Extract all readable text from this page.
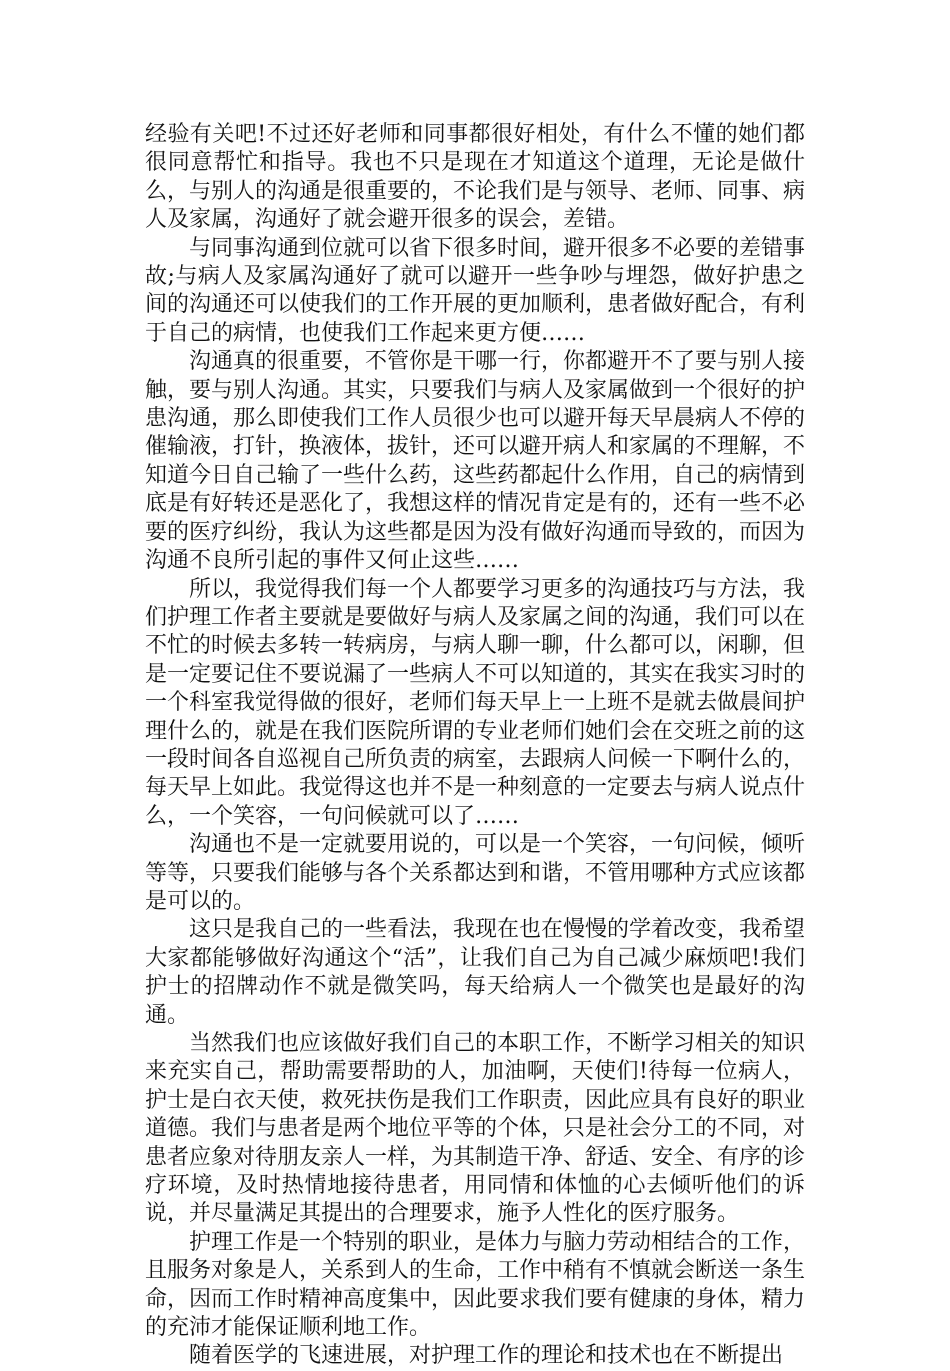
经验有关吧!不过还好老师和同事都很好相处，有什么不懂的她们都很同意帮忙和指导。我也不只是现在才知道这个道理，无论是做什么，与别人的沟通是很重要的，不论我们是与领导、老师、同事、病人及家属，沟通好了就会避开很多的误会，差错。

与同事沟通到位就可以省下很多时间，避开很多不必要的差错事故;与病人及家属沟通好了就可以避开一些争吵与埋怨，做好护患之间的沟通还可以使我们的工作开展的更加顺利，患者做好配合，有利于自己的病情，也使我们工作起来更方便……

沟通真的很重要，不管你是干哪一行，你都避开不了要与别人接触，要与别人沟通。其实，只要我们与病人及家属做到一个很好的护患沟通，那么即使我们工作人员很少也可以避开每天早晨病人不停的催输液，打针，换液体，拔针，还可以避开病人和家属的不理解，不知道今日自己输了一些什么药，这些药都起什么作用，自己的病情到底是有好转还是恶化了，我想这样的情况肯定是有的，还有一些不必要的医疗纠纷，我认为这些都是因为没有做好沟通而导致的，而因为沟通不良所引起的事件又何止这些……

所以，我觉得我们每一个人都要学习更多的沟通技巧与方法，我们护理工作者主要就是要做好与病人及家属之间的沟通，我们可以在不忙的时候去多转一转病房，与病人聊一聊，什么都可以，闲聊，但是一定要记住不要说漏了一些病人不可以知道的，其实在我实习时的一个科室我觉得做的很好，老师们每天早上一上班不是就去做晨间护理什么的，就是在我们医院所谓的专业老师们她们会在交班之前的这一段时间各自巡视自己所负责的病室，去跟病人问候一下啊什么的，每天早上如此。我觉得这也并不是一种刻意的一定要去与病人说点什么，一个笑容，一句问候就可以了……

沟通也不是一定就要用说的，可以是一个笑容，一句问候，倾听等等，只要我们能够与各个关系都达到和谐，不管用哪种方式应该都是可以的。

这只是我自己的一些看法，我现在也在慢慢的学着改变，我希望大家都能够做好沟通这个“活”，让我们自己为自己减少麻烦吧!我们护士的招牌动作不就是微笑吗，每天给病人一个微笑也是最好的沟通。

当然我们也应该做好我们自己的本职工作，不断学习相关的知识来充实自己，帮助需要帮助的人，加油啊，天使们!待每一位病人，护士是白衣天使，救死扶伤是我们工作职责，因此应具有良好的职业道德。我们与患者是两个地位平等的个体，只是社会分工的不同，对患者应象对待朋友亲人一样，为其制造干净、舒适、安全、有序的诊疗环境，及时热情地接待患者，用同情和体恤的心去倾听他们的诉说，并尽量满足其提出的合理要求，施予人性化的医疗服务。

护理工作是一个特别的职业，是体力与脑力劳动相结合的工作，且服务对象是人，关系到人的生命，工作中稍有不慎就会断送一条生命，因而工作时精神高度集中，因此要求我们要有健康的身体，精力的充沛才能保证顺利地工作。

随着医学的飞速进展，对护理工作的理论和技术也在不断提出
